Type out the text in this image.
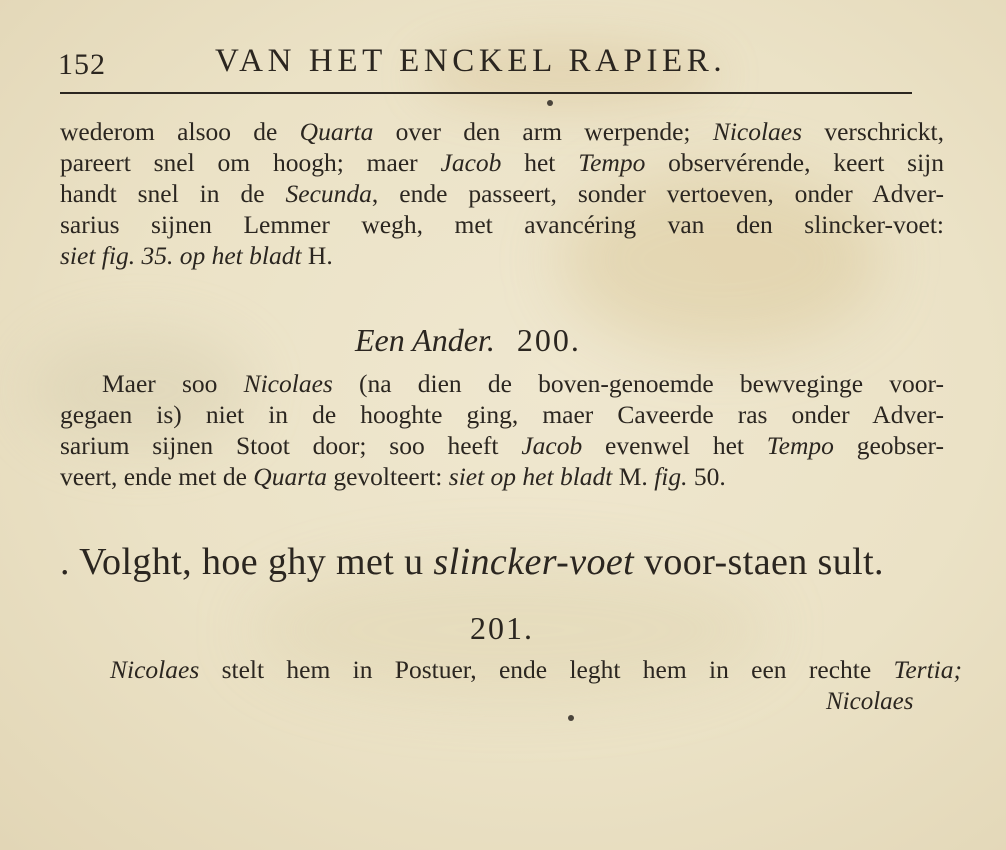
152	VAN HET ENCKEL RAPIER.
wederom alsoo de Quarta over den arm werpende; Nicolaes verschrickt,
pareert snel om hoogh; maer Jacob het Tempo observérende, keert sijn
handt snel in de Secunda, ende passeert, sonder vertoeven, onder Adver-
sarius sijnen Lemmer wegh, met avancéring van den slincker-voet:
siet fig. 35. op het bladt H.
Een Ander. 200.
Maer soo Nicolaes (na dien de boven-genoemde bewveginge voor-
gegaen is) niet in de hooghte ging, maer Caveerde ras onder Adver-
sarium sijnen Stoot door; soo heeft Jacob evenwel het Tempo geobser-
veert, ende met de Quarta gevolteert: siet op het bladt M. fig. 50.
. Volght, hoe ghy met u slincker-voet voor-staen sult.
201.
Nicolaes stelt hem in Postuer, ende leght hem in een rechte Tertia;
Nicolaes
